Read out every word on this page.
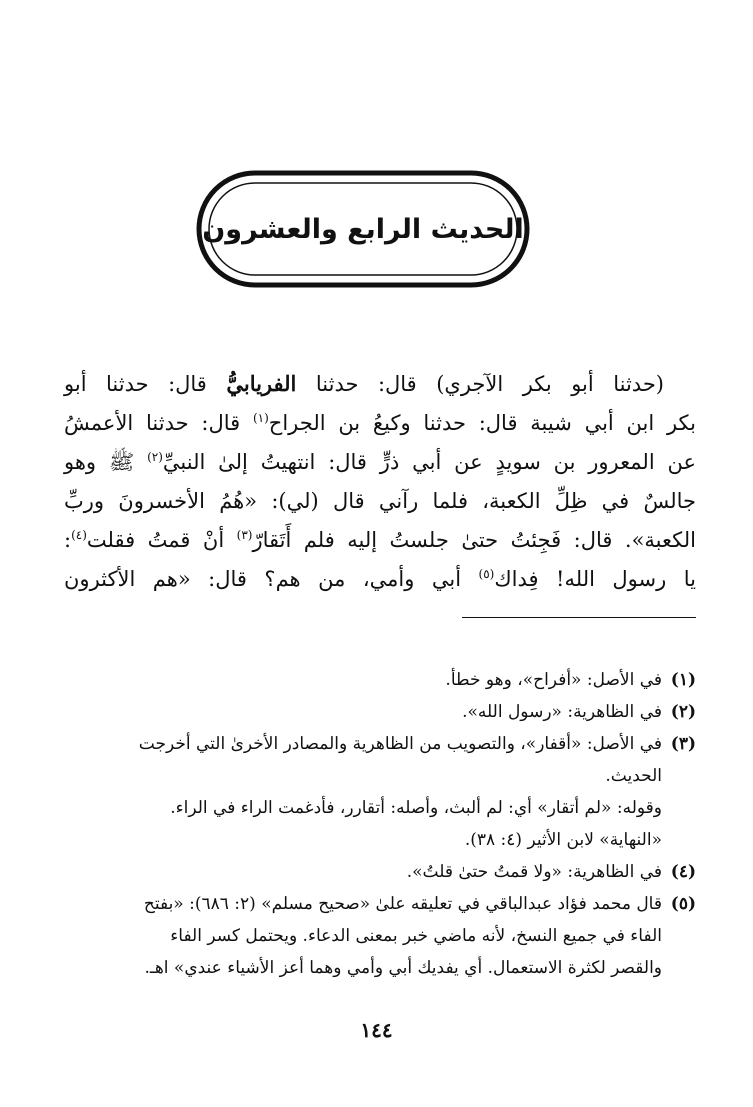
الحديث الرابع والعشرون
(حدثنا أبو بكر الآجري) قال: حدثنا الفريابيُّ قال: حدثنا أبو
بكر ابن أبي شيبة قال: حدثنا وكيعُ بن الجراح$^{(١)}$ قال: حدثنا الأعمشُ
عن المعرور بن سويدٍ عن أبي ذرٍّ قال: انتهيتُ إلىٰ النبيِّ$^{(٢)}$ ﷺ وهو
جالسٌ في ظِلِّ الكعبة، فلما رآني قال (لي): «هُمُ الأخسرونَ وربِّ
الكعبة». قال: فَجِئتُ حتىٰ جلستُ إليه فلم أَتَقارّ$^{(٣)}$ أنْ قمتُ فقلت$^{(٤)}$:
يا رسول الله! فِداك$^{(٥)}$ أبي وأمي، من هم؟ قال: «هم الأكثرون
(١)
في الأصل: «أفراح»، وهو خطأ.
(٢)
في الظاهرية: «رسول الله».
(٣)
في الأصل: «أقفار»، والتصويب من الظاهرية والمصادر الأخرىٰ التي أخرجت
الحديث.
وقوله: «لم أتقار» أي: لم ألبث، وأصله: أتقارر، فأدغمت الراء في الراء.
«النهاية» لابن الأثير (٤: ٣٨).
(٤)
في الظاهرية: «ولا قمتُ حتىٰ قلتُ».
(٥)
قال محمد فؤاد عبدالباقي في تعليقه علىٰ «صحيح مسلم» (٢: ٦٨٦): «بفتح
الفاء في جميع النسخ، لأنه ماضي خبر بمعنى الدعاء. ويحتمل كسر الفاء
والقصر لكثرة الاستعمال. أي يفديك أبي وأمي وهما أعز الأشياء عندي» اهـ.
١٤٤
